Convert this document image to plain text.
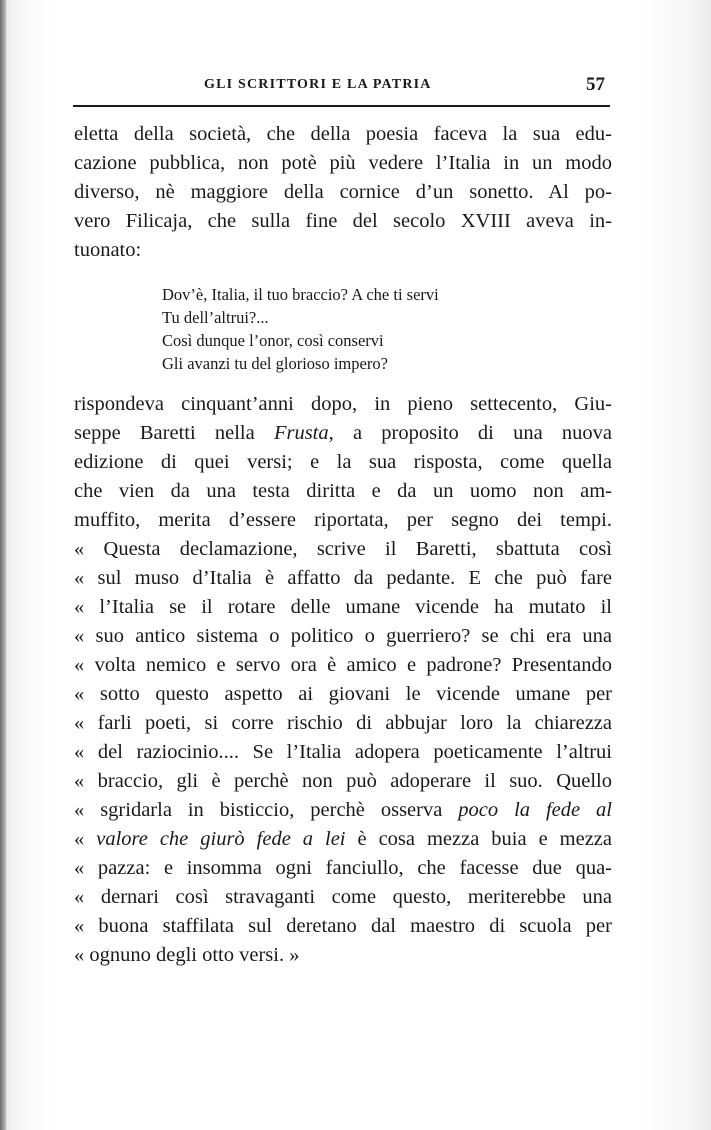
GLI SCRITTORI E LA PATRIA	57
eletta della società, che della poesia faceva la sua edu-
cazione pubblica, non potè più vedere l’Italia in un modo
diverso, nè maggiore della cornice d’un sonetto. Al po-
vero Filicaja, che sulla fine del secolo XVIII aveva in-
tuonato:
Dov’è, Italia, il tuo braccio? A che ti servi
Tu dell’altrui?...
Così dunque l’onor, così conservi
Gli avanzi tu del glorioso impero?
rispondeva cinquant’anni dopo, in pieno settecento, Giu-
seppe Baretti nella Frusta, a proposito di una nuova
edizione di quei versi; e la sua risposta, come quella
che vien da una testa diritta e da un uomo non am-
muffito, merita d’essere riportata, per segno dei tempi.
« Questa declamazione, scrive il Baretti, sbattuta così
« sul muso d’Italia è affatto da pedante. E che può fare
« l’Italia se il rotare delle umane vicende ha mutato il
« suo antico sistema o politico o guerriero? se chi era una
« volta nemico e servo ora è amico e padrone? Presentando
« sotto questo aspetto ai giovani le vicende umane per
« farli poeti, si corre rischio di abbujar loro la chiarezza
« del raziocinio.... Se l’Italia adopera poeticamente l’altrui
« braccio, gli è perchè non può adoperare il suo. Quello
« sgridarla in bisticcio, perchè osserva poco la fede al
« valore che giurò fede a lei è cosa mezza buia e mezza
« pazza: e insomma ogni fanciullo, che facesse due qua-
« dernari così stravaganti come questo, meriterebbe una
« buona staffilata sul deretano dal maestro di scuola per
« ognuno degli otto versi. »
